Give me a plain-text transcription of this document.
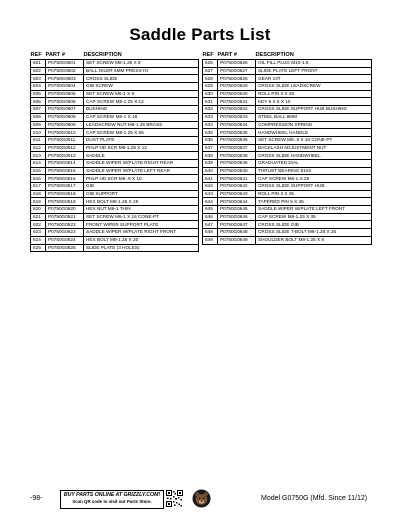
Saddle Parts List
REF	PART #	DESCRIPTION
601	P0750G0601	SET SCREW M8-1.25 X 8
602	P0750G0602	BALL OILER 6MM PRESS-IN
603	P0750G0603	CROSS SLIDE
604	P0750G0604	GIB SCREW
605	P0750G0605	SET SCREW M6-1 X 8
606	P0750G0606	CAP SCREW M8-1.25 X 12
607	P0750G0607	BUSHING
608	P0750G0608	CAP SCREW M6-1 X 18
609	P0750G0609	LEADSCREW NUT M8-1.25 BRASS
610	P0750G0610	CAP SCREW M8-1.25 X 55
611	P0750G0611	DUST PLATE
612	P0750G0612	PHLP HD SCR M8-1.25 X 12
613	P0750G0613	SADDLE
614	P0750G0614	SADDLE WIPER W/PLATE RIGHT REAR
615	P0750G0615	SADDLE WIPER W/PLATE LEFT REAR
616	P0750G0616	PHLP HD SCR M5-.8 X 10
617	P0750G0617	GIB
618	P0750G0618	GIB SUPPORT
619	P0750G0619	HEX BOLT M8-1.25 X 25
620	P0750G0620	HEX NUT M6-1 THIN
621	P0750G0621	SET SCREW M6-1 X 16 CONE-PT
622	P0750G0622	FRONT WIPER SUPPORT PLATE
623	P0750G0623	SADDLE WIPER W/PLATE RIGHT FRONT
624	P0750G0624	HEX BOLT M8-1.25 X 20
625	P0750G0625	SLIDE PLATE (3 HOLES)
REF	PART #	DESCRIPTION
626	P0750G0626	OIL FILL PLUG M10-1.5
627	P0750G0627	SLIDE PLATE LEFT FRONT
628	P0750G0628	GEAR 13T
629	P0750G0629	CROSS SLIDE LEADSCREW
630	P0750G0630	ROLL PIN 3 X 28
631	P0750G0631	KEY 5 X 5 X 10
632	P0750G0632	CROSS SLIDE SUPPORT HUB BUSHING
633	P0750G0633	STEEL BALL 6MM
634	P0750G0634	COMPRESSION SPRING
635	P0750G0635	HANDWHEEL HANDLE
636	P0750G0636	SET SCREW M5-.8 X 16 CONE-PT
637	P0750G0637	BACKLASH ADJUSTMENT NUT
638	P0750G0638	CROSS SLIDE HANDWHEEL
639	P0750G0639	GRADUATED DIAL
640	P0750G0640	THRUST BEARING 8102
641	P0750G0641	CAP SCREW M6-1 X 25
642	P0750G0642	CROSS SLIDE SUPPORT HUB
643	P0750G0643	ROLL PIN 3 X 25
644	P0750G0644	TAPERED PIN 5 X 45
645	P0750G0645	SADDLE WIPER W/PLATE LEFT FRONT
646	P0750G0646	CAP SCREW M8-1.25 X 35
647	P0750G0647	CROSS SLIDE GIB
648	P0750G0648	CROSS SLIDE T-BOLT M8-1.25 X 25
649	P0750G0649	SHOULDER BOLT M8-1.25 X 8
-98-	BUY PARTS ONLINE AT GRIZZLY.COM!
Scan QR code to visit our Parts Store.	Model G0750G (Mfd. Since 11/12)
